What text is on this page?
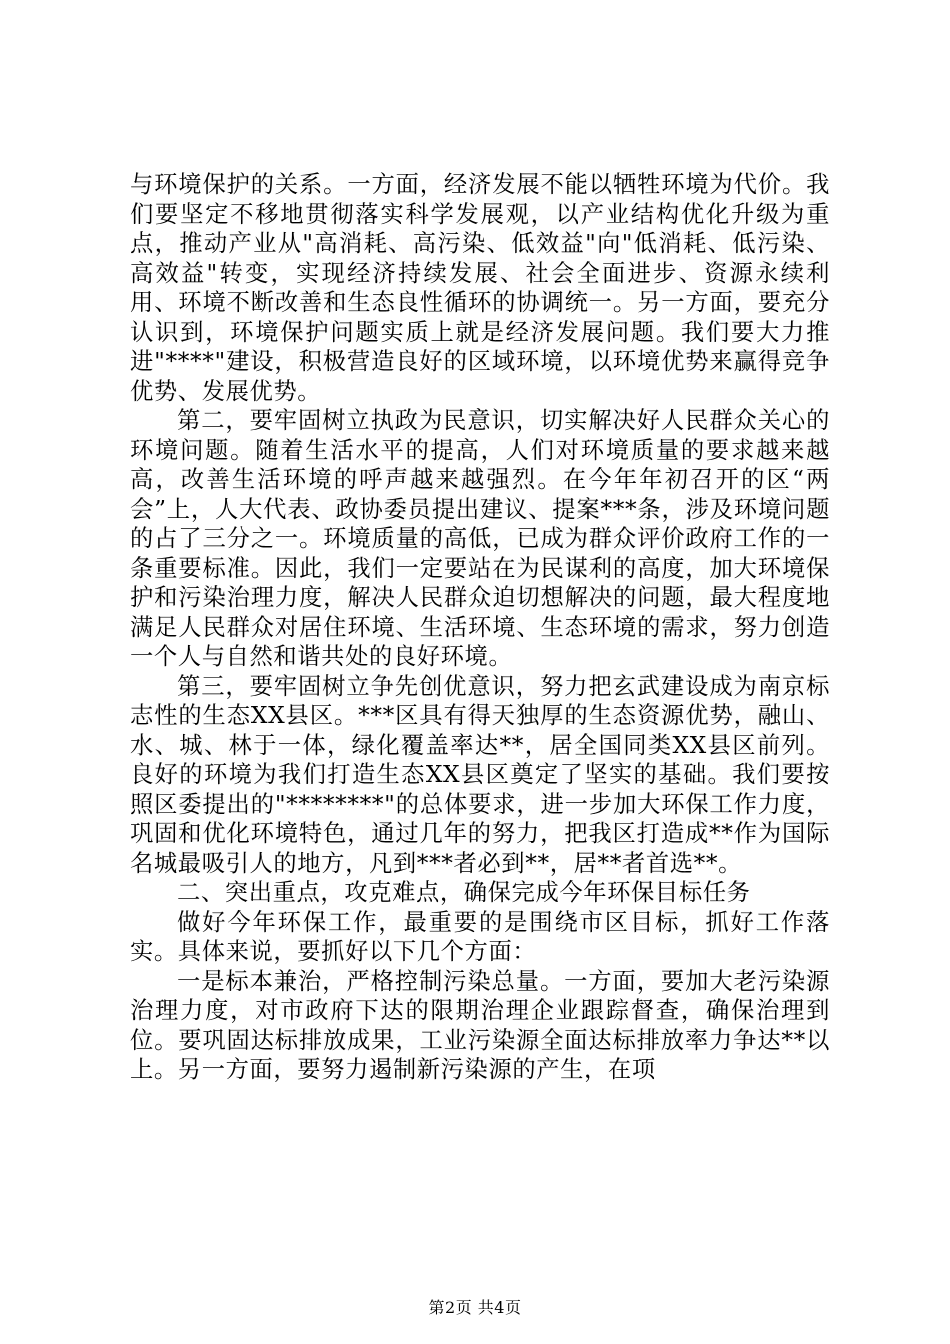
与环境保护的关系。一方面，经济发展不能以牺牲环境为代价。我们要坚定不移地贯彻落实科学发展观，以产业结构优化升级为重点，推动产业从"高消耗、高污染、低效益"向"低消耗、低污染、高效益"转变，实现经济持续发展、社会全面进步、资源永续利用、环境不断改善和生态良性循环的协调统一。另一方面，要充分认识到，环境保护问题实质上就是经济发展问题。我们要大力推进"****"建设，积极营造良好的区域环境，以环境优势来赢得竞争优势、发展优势。

第二，要牢固树立执政为民意识，切实解决好人民群众关心的环境问题。随着生活水平的提高，人们对环境质量的要求越来越高，改善生活环境的呼声越来越强烈。在今年年初召开的区“两会”上，人大代表、政协委员提出建议、提案***条，涉及环境问题的占了三分之一。环境质量的高低，已成为群众评价政府工作的一条重要标准。因此，我们一定要站在为民谋利的高度，加大环境保护和污染治理力度，解决人民群众迫切想解决的问题，最大程度地满足人民群众对居住环境、生活环境、生态环境的需求，努力创造一个人与自然和谐共处的良好环境。

第三，要牢固树立争先创优意识，努力把玄武建设成为南京标志性的生态XX县区。***区具有得天独厚的生态资源优势，融山、水、城、林于一体，绿化覆盖率达**，居全国同类XX县区前列。良好的环境为我们打造生态XX县区奠定了坚实的基础。我们要按照区委提出的"********"的总体要求，进一步加大环保工作力度，巩固和优化环境特色，通过几年的努力，把我区打造成**作为国际名城最吸引人的地方，凡到***者必到**，居**者首选**。

二、突出重点，攻克难点，确保完成今年环保目标任务

做好今年环保工作，最重要的是围绕市区目标，抓好工作落实。具体来说，要抓好以下几个方面：

一是标本兼治，严格控制污染总量。一方面，要加大老污染源治理力度，对市政府下达的限期治理企业跟踪督查，确保治理到位。要巩固达标排放成果，工业污染源全面达标排放率力争达**以上。另一方面，要努力遏制新污染源的产生，在项

第2页 共4页
